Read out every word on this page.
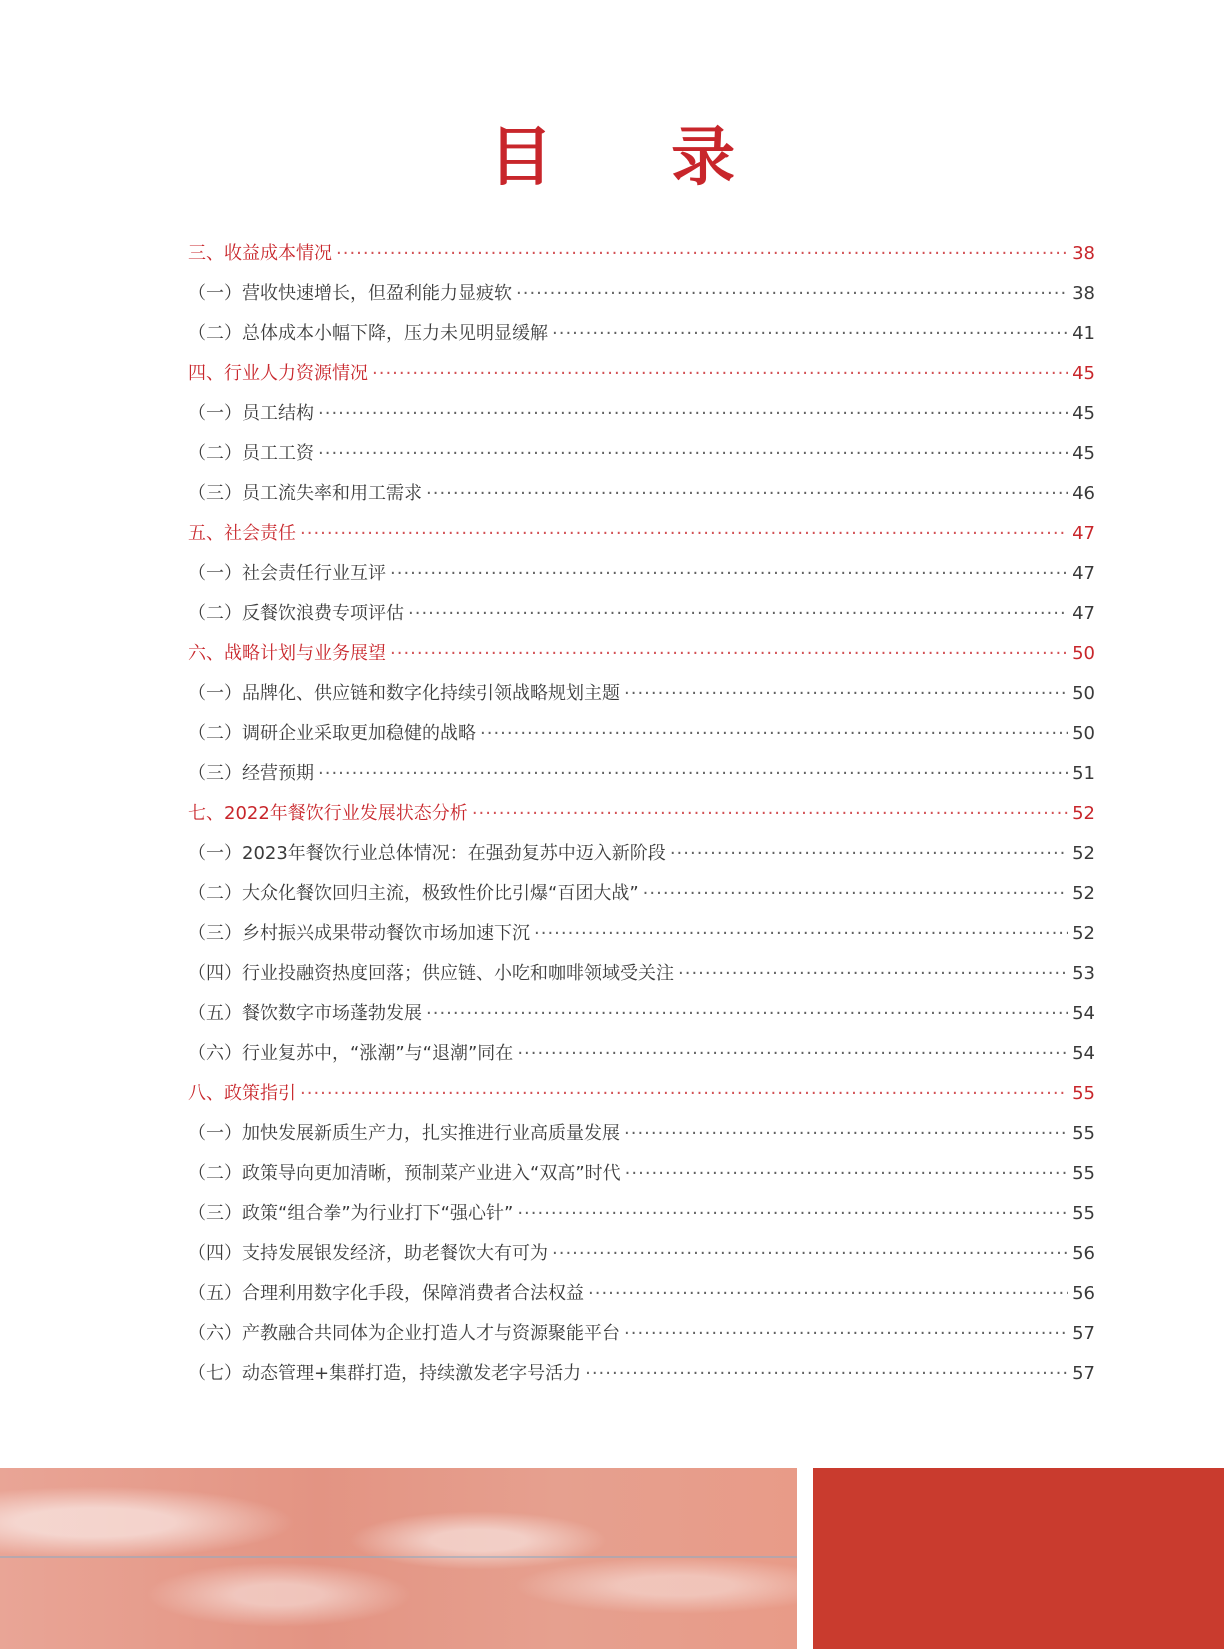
目 录
三、收益成本情况 ·····	38
（一）营收快速增长，但盈利能力显疲软 ·····	38
（二）总体成本小幅下降，压力未见明显缓解 ·····	41
四、行业人力资源情况 ·····	45
（一）员工结构 ·····	45
（二）员工工资 ·····	45
（三）员工流失率和用工需求 ·····	46
五、社会责任 ·····	47
（一）社会责任行业互评 ·····	47
（二）反餐饮浪费专项评估 ·····	47
六、战略计划与业务展望 ·····	50
（一）品牌化、供应链和数字化持续引领战略规划主题 ·····	50
（二）调研企业采取更加稳健的战略 ·····	50
（三）经营预期 ·····	51
七、2022年餐饮行业发展状态分析 ·····	52
（一）2023年餐饮行业总体情况：在强劲复苏中迈入新阶段 ·····	52
（二）大众化餐饮回归主流，极致性价比引爆“百团大战” ·····	52
（三）乡村振兴成果带动餐饮市场加速下沉 ·····	52
（四）行业投融资热度回落；供应链、小吃和咖啡领域受关注 ·····	53
（五）餐饮数字市场蓬勃发展 ·····	54
（六）行业复苏中，“涨潮”与“退潮”同在 ·····	54
八、政策指引 ·····	55
（一）加快发展新质生产力，扎实推进行业高质量发展 ·····	55
（二）政策导向更加清晰，预制菜产业进入“双高”时代 ·····	55
（三）政策“组合拳”为行业打下“强心针” ·····	55
（四）支持发展银发经济，助老餐饮大有可为 ·····	56
（五）合理利用数字化手段，保障消费者合法权益 ·····	56
（六）产教融合共同体为企业打造人才与资源聚能平台 ·····	57
（七）动态管理+集群打造，持续激发老字号活力 ·····	57
